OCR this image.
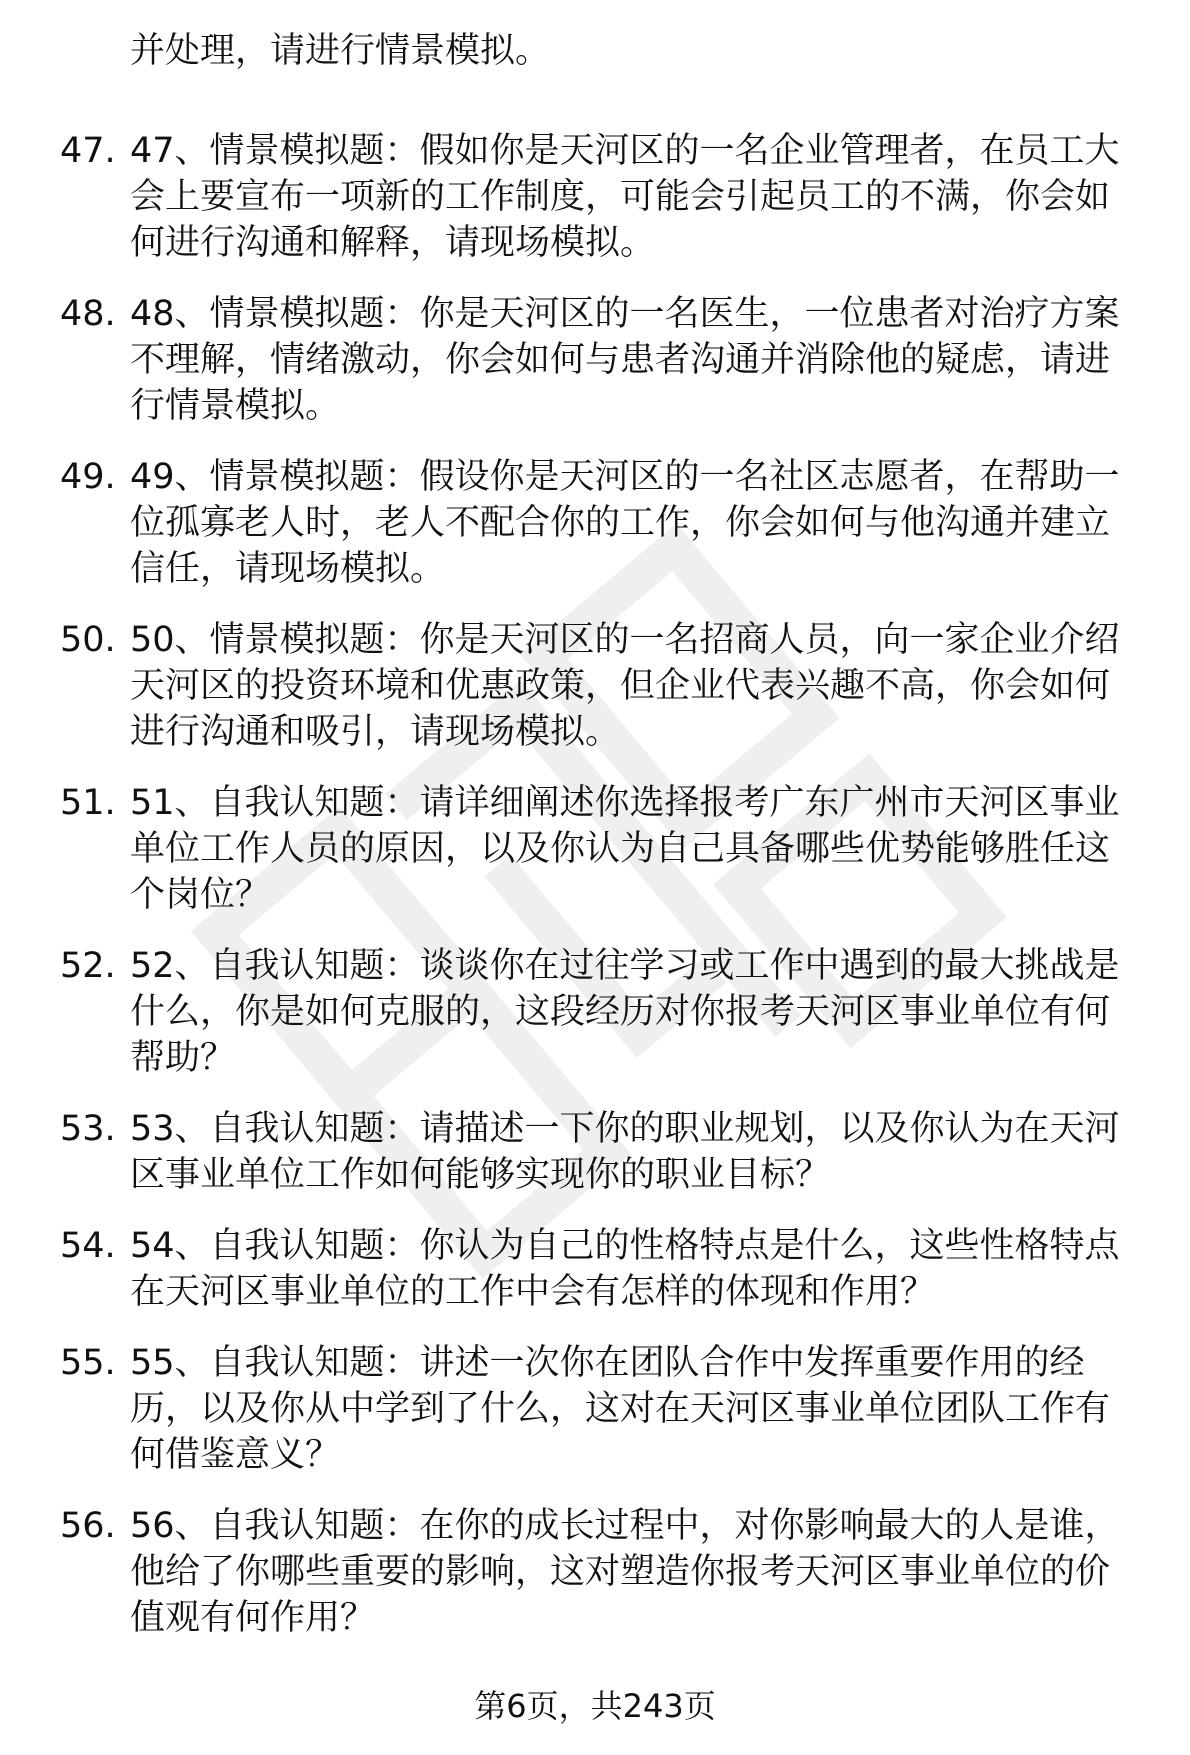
并处理，请进行情景模拟。
47. 47、情景模拟题：假如你是天河区的一名企业管理者，在员工大会上要宣布一项新的工作制度，可能会引起员工的不满，你会如何进行沟通和解释，请现场模拟。
48. 48、情景模拟题：你是天河区的一名医生，一位患者对治疗方案不理解，情绪激动，你会如何与患者沟通并消除他的疑虑，请进行情景模拟。
49. 49、情景模拟题：假设你是天河区的一名社区志愿者，在帮助一位孤寡老人时，老人不配合你的工作，你会如何与他沟通并建立信任，请现场模拟。
50. 50、情景模拟题：你是天河区的一名招商人员，向一家企业介绍天河区的投资环境和优惠政策，但企业代表兴趣不高，你会如何进行沟通和吸引，请现场模拟。
51. 51、自我认知题：请详细阐述你选择报考广东广州市天河区事业单位工作人员的原因，以及你认为自己具备哪些优势能够胜任这个岗位？
52. 52、自我认知题：谈谈你在过往学习或工作中遇到的最大挑战是什么，你是如何克服的，这段经历对你报考天河区事业单位有何帮助？
53. 53、自我认知题：请描述一下你的职业规划，以及你认为在天河区事业单位工作如何能够实现你的职业目标？
54. 54、自我认知题：你认为自己的性格特点是什么，这些性格特点在天河区事业单位的工作中会有怎样的体现和作用？
55. 55、自我认知题：讲述一次你在团队合作中发挥重要作用的经历，以及你从中学到了什么，这对在天河区事业单位团队工作有何借鉴意义？
56. 56、自我认知题：在你的成长过程中，对你影响最大的人是谁，他给了你哪些重要的影响，这对塑造你报考天河区事业单位的价值观有何作用？
第6页，共243页
